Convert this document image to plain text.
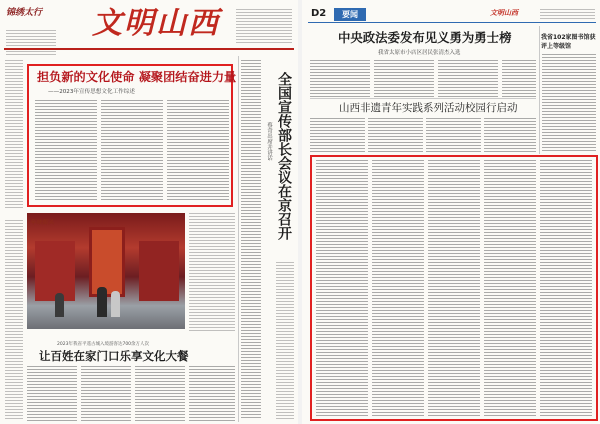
锦绣太行	文明山西
担负新的文化使命 凝聚团结奋进力量
——2023年宣传思想文化工作综述	全国宣传部长会议在京召开
蔡奇出席并讲话
年味街头
2023年我省平遥古城入境游客达700余万人次
让百姓在家门口乐享文化大餐
D2	要闻	文明山西
中央政法委发布见义勇为勇士榜
我省太原市小店区居民张清杰入选
山西非遗青年实践系列活动校园行启动
我省102家图书馆获评上等级馆
